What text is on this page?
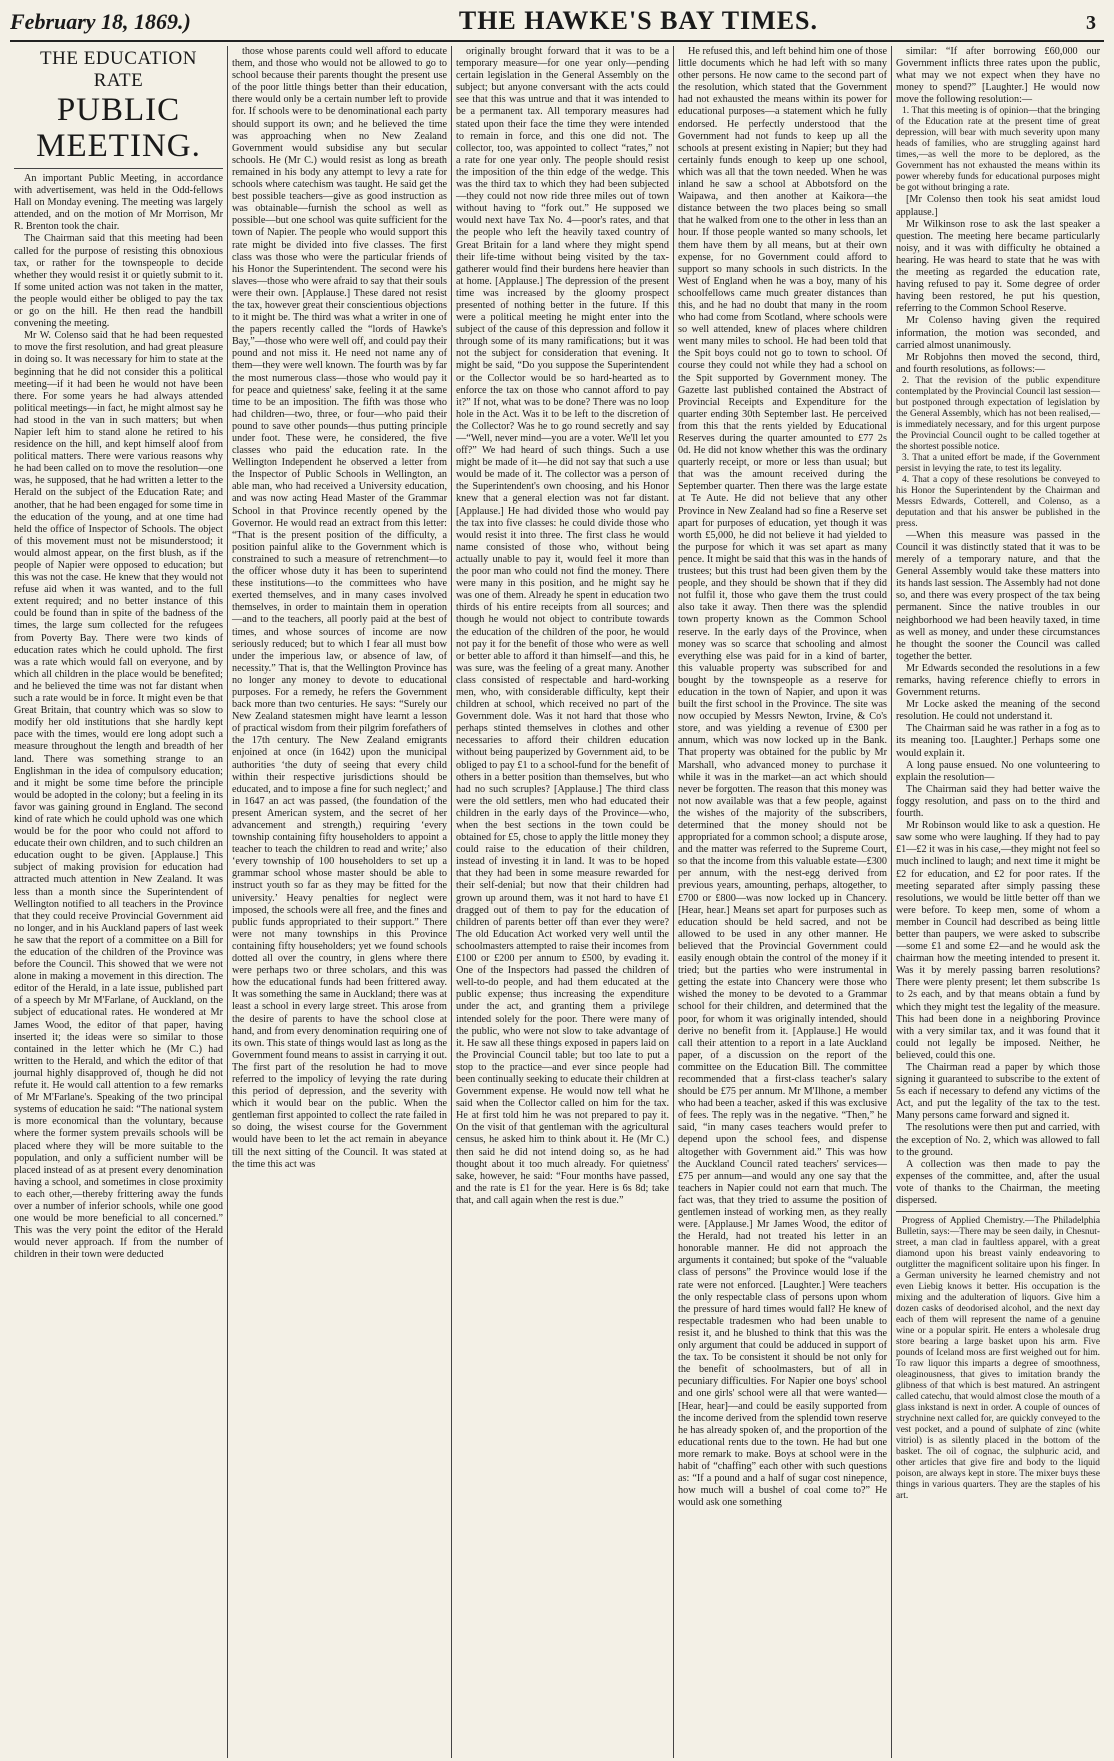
February 18, 1869.)	THE HAWKE'S BAY TIMES.	3
THE EDUCATION RATE
PUBLIC MEETING.

An important Public Meeting, in accordance with advertisement, was held in the Odd-fellows Hall on Monday evening. The meeting was largely attended, and on the motion of Mr Morrison, Mr R. Brenton took the chair.

The Chairman said that this meeting had been called for the purpose of resisting this obnoxious tax, or rather for the townspeople to decide whether they would resist it or quietly submit to it. If some united action was not taken in the matter, the people would either be obliged to pay the tax or go on the hill. He then read the handbill convening the meeting.

Mr W. Colenso said that he had been requested to move the first resolution, and had great pleasure in doing so. It was necessary for him to state at the beginning that he did not consider this a political meeting—if it had been he would not have been there. For some years he had always attended political meetings—in fact, he might almost say he had stood in the van in such matters; but when Napier left him to stand alone he retired to his residence on the hill, and kept himself aloof from political matters. There were various reasons why he had been called on to move the resolution—one was, he supposed, that he had written a letter to the Herald on the subject of the Education Rate; and another, that he had been engaged for some time in the education of the young, and at one time had held the office of Inspector of Schools. The object of this movement must not be misunderstood; it would almost appear, on the first blush, as if the people of Napier were opposed to education; but this was not the case. He knew that they would not refuse aid when it was wanted, and to the full extent required; and no better instance of this could be found than in spite of the badness of the times, the large sum collected for the refugees from Poverty Bay. There were two kinds of education rates which he could uphold. The first was a rate which would fall on everyone, and by which all children in the place would be benefited; and he believed the time was not far distant when such a rate would be in force. It might even be that Great Britain, that country which was so slow to modify her old institutions that she hardly kept pace with the times, would ere long adopt such a measure throughout the length and breadth of her land. There was something strange to an Englishman in the idea of compulsory education; and it might be some time before the principle would be adopted in the colony; but a feeling in its favor was gaining ground in England. The second kind of rate which he could uphold was one which would be for the poor who could not afford to educate their own children, and to such children an education ought to be given. [Applause.] This subject of making provision for education had attracted much attention in New Zealand. It was less than a month since the Superintendent of Wellington notified to all teachers in the Province that they could receive Provincial Government aid no longer, and in his Auckland papers of last week he saw that the report of a committee on a Bill for the education of the children of the Province was before the Council. This showed that we were not alone in making a movement in this direction. The editor of the Herald, in a late issue, published part of a speech by Mr M'Farlane, of Auckland, on the subject of educational rates. He wondered at Mr James Wood, the editor of that paper, having inserted it; the ideas were so similar to those contained in the letter which he (Mr C.) had written to the Herald, and which the editor of that journal highly disapproved of, though he did not refute it. He would call attention to a few remarks of Mr M'Farlane's. Speaking of the two principal systems of education he said: “The national system is more economical than the voluntary, because where the former system prevails schools will be placed where they will be more suitable to the population, and only a sufficient number will be placed instead of as at present every denomination having a school, and sometimes in close proximity to each other,—thereby frittering away the funds over a number of inferior schools, while one good one would be more beneficial to all concerned.” This was the very point the editor of the Herald would never approach. If from the number of children in their town were deducted

those whose parents could well afford to educate them, and those who would not be allowed to go to school because their parents thought the present use of the poor little things better than their education, there would only be a certain number left to provide for. If schools were to be denominational each party should support its own; and he believed the time was approaching when no New Zealand Government would subsidise any but secular schools. He (Mr C.) would resist as long as breath remained in his body any attempt to levy a rate for schools where catechism was taught. He said get the best possible teachers—give as good instruction as was obtainable—furnish the school as well as possible—but one school was quite sufficient for the town of Napier. The people who would support this rate might be divided into five classes. The first class was those who were the particular friends of his Honor the Superintendent. The second were his slaves—those who were afraid to say that their souls were their own. [Applause.] These dared not resist the tax, however great their conscientious objections to it might be. The third was what a writer in one of the papers recently called the “lords of Hawke's Bay,”—those who were well off, and could pay their pound and not miss it. He need not name any of them—they were well known. The fourth was by far the most numerous class—those who would pay it for peace and quietness' sake, feeling it at the same time to be an imposition. The fifth was those who had children—two, three, or four—who paid their pound to save other pounds—thus putting principle under foot. These were, he considered, the five classes who paid the education rate. In the Wellington Independent he observed a letter from the Inspector of Public Schools in Wellington, an able man, who had received a University education, and was now acting Head Master of the Grammar School in that Province recently opened by the Governor. He would read an extract from this letter: “That is the present position of the difficulty, a position painful alike to the Government which is constrained to such a measure of retrenchment—to the officer whose duty it has been to superintend these institutions—to the committees who have exerted themselves, and in many cases involved themselves, in order to maintain them in operation—and to the teachers, all poorly paid at the best of times, and whose sources of income are now seriously reduced; but to which I fear all must bow under the imperious law, or absence of law, of necessity.” That is, that the Wellington Province has no longer any money to devote to educational purposes. For a remedy, he refers the Government back more than two centuries. He says: “Surely our New Zealand statesmen might have learnt a lesson of practical wisdom from their pilgrim forefathers of the 17th century. The New Zealand emigrants enjoined at once (in 1642) upon the municipal authorities ‘the duty of seeing that every child within their respective jurisdictions should be educated, and to impose a fine for such neglect;’ and in 1647 an act was passed, (the foundation of the present American system, and the secret of her advancement and strength,) requiring ‘every township containing fifty householders to appoint a teacher to teach the children to read and write;’ also ‘every township of 100 householders to set up a grammar school whose master should be able to instruct youth so far as they may be fitted for the university.’ Heavy penalties for neglect were imposed, the schools were all free, and the fines and public funds appropriated to their support.” There were not many townships in this Province containing fifty householders; yet we found schools dotted all over the country, in glens where there were perhaps two or three scholars, and this was how the educational funds had been frittered away. It was something the same in Auckland; there was at least a school in every large street. This arose from the desire of parents to have the school close at hand, and from every denomination requiring one of its own. This state of things would last as long as the Government found means to assist in carrying it out. The first part of the resolution he had to move referred to the impolicy of levying the rate during this period of depression, and the severity with which it would bear on the public. When the gentleman first appointed to collect the rate failed in so doing, the wisest course for the Government would have been to let the act remain in abeyance till the next sitting of the Council. It was stated at the time this act was

originally brought forward that it was to be a temporary measure—for one year only—pending certain legislation in the General Assembly on the subject; but anyone conversant with the acts could see that this was untrue and that it was intended to be a permanent tax. All temporary measures had stated upon their face the time they were intended to remain in force, and this one did not. The collector, too, was appointed to collect “rates,” not a rate for one year only. The people should resist the imposition of the thin edge of the wedge. This was the third tax to which they had been subjected—they could not now ride three miles out of town without having to “fork out.” He supposed we would next have Tax No. 4—poor's rates, and that the people who left the heavily taxed country of Great Britain for a land where they might spend their life-time without being visited by the tax-gatherer would find their burdens here heavier than at home. [Applause.] The depression of the present time was increased by the gloomy prospect presented of nothing better in the future. If this were a political meeting he might enter into the subject of the cause of this depression and follow it through some of its many ramifications; but it was not the subject for consideration that evening. It might be said, “Do you suppose the Superintendent or the Collector would be so hard-hearted as to enforce the tax on those who cannot afford to pay it?” If not, what was to be done? There was no loop hole in the Act. Was it to be left to the discretion of the Collector? Was he to go round secretly and say—“Well, never mind—you are a voter. We'll let you off?” We had heard of such things. Such a use might be made of it—he did not say that such a use would be made of it. The collector was a person of the Superintendent's own choosing, and his Honor knew that a general election was not far distant. [Applause.] He had divided those who would pay the tax into five classes: he could divide those who would resist it into three. The first class he would name consisted of those who, without being actually unable to pay it, would feel it more than the poor man who could not find the money. There were many in this position, and he might say he was one of them. Already he spent in education two thirds of his entire receipts from all sources; and though he would not object to contribute towards the education of the children of the poor, he would not pay it for the benefit of those who were as well or better able to afford it than himself—and this, he was sure, was the feeling of a great many. Another class consisted of respectable and hard-working men, who, with considerable difficulty, kept their children at school, which received no part of the Government dole. Was it not hard that those who perhaps stinted themselves in clothes and other necessaries to afford their children education without being pauperized by Government aid, to be obliged to pay £1 to a school-fund for the benefit of others in a better position than themselves, but who had no such scruples? [Applause.] The third class were the old settlers, men who had educated their children in the early days of the Province—who, when the best sections in the town could be obtained for £5, chose to apply the little money they could raise to the education of their children, instead of investing it in land. It was to be hoped that they had been in some measure rewarded for their self-denial; but now that their children had grown up around them, was it not hard to have £1 dragged out of them to pay for the education of children of parents better off than ever they were? The old Education Act worked very well until the schoolmasters attempted to raise their incomes from £100 or £200 per annum to £500, by evading it. One of the Inspectors had passed the children of well-to-do people, and had them educated at the public expense; thus increasing the expenditure under the act, and granting them a privilege intended solely for the poor. There were many of the public, who were not slow to take advantage of it. He saw all these things exposed in papers laid on the Provincial Council table; but too late to put a stop to the practice—and ever since people had been continually seeking to educate their children at Government expense. He would now tell what he said when the Collector called on him for the tax. He at first told him he was not prepared to pay it. On the visit of that gentleman with the agricultural census, he asked him to think about it. He (Mr C.) then said he did not intend doing so, as he had thought about it too much already. For quietness' sake, however, he said: “Four months have passed, and the rate is £1 for the year. Here is 6s 8d; take that, and call again when the rest is due.”

He refused this, and left behind him one of those little documents which he had left with so many other persons. He now came to the second part of the resolution, which stated that the Government had not exhausted the means within its power for educational purposes—a statement which he fully endorsed. He perfectly understood that the Government had not funds to keep up all the schools at present existing in Napier; but they had certainly funds enough to keep up one school, which was all that the town needed. When he was inland he saw a school at Abbotsford on the Waipawa, and then another at Kaikora—the distance between the two places being so small that he walked from one to the other in less than an hour. If those people wanted so many schools, let them have them by all means, but at their own expense, for no Government could afford to support so many schools in such districts. In the West of England when he was a boy, many of his schoolfellows came much greater distances than this, and he had no doubt that many in the room who had come from Scotland, where schools were so well attended, knew of places where children went many miles to school. He had been told that the Spit boys could not go to town to school. Of course they could not while they had a school on the Spit supported by Government money. The Gazette last published contained the Abstract of Provincial Receipts and Expenditure for the quarter ending 30th September last. He perceived from this that the rents yielded by Educational Reserves during the quarter amounted to £77 2s 0d. He did not know whether this was the ordinary quarterly receipt, or more or less than usual; but that was the amount received during the September quarter. Then there was the large estate at Te Aute. He did not believe that any other Province in New Zealand had so fine a Reserve set apart for purposes of education, yet though it was worth £5,000, he did not believe it had yielded to the purpose for which it was set apart as many pence. It might be said that this was in the hands of trustees; but this trust had been given them by the people, and they should be shown that if they did not fulfil it, those who gave them the trust could also take it away. Then there was the splendid town property known as the Common School reserve. In the early days of the Province, when money was so scarce that schooling and almost everything else was paid for in a kind of barter, this valuable property was subscribed for and bought by the townspeople as a reserve for education in the town of Napier, and upon it was built the first school in the Province. The site was now occupied by Messrs Newton, Irvine, & Co's store, and was yielding a revenue of £300 per annum, which was now locked up in the Bank. That property was obtained for the public by Mr Marshall, who advanced money to purchase it while it was in the market—an act which should never be forgotten. The reason that this money was not now available was that a few people, against the wishes of the majority of the subscribers, determined that the money should not be appropriated for a common school; a dispute arose, and the matter was referred to the Supreme Court, so that the income from this valuable estate—£300 per annum, with the nest-egg derived from previous years, amounting, perhaps, altogether, to £700 or £800—was now locked up in Chancery. [Hear, hear.] Means set apart for purposes such as education should be held sacred, and not be allowed to be used in any other manner. He believed that the Provincial Government could easily enough obtain the control of the money if it tried; but the parties who were instrumental in getting the estate into Chancery were those who wished the money to be devoted to a Grammar school for their children, and determined that the poor, for whom it was originally intended, should derive no benefit from it. [Applause.] He would call their attention to a report in a late Auckland paper, of a discussion on the report of the committee on the Education Bill. The committee recommended that a first-class teacher's salary should be £75 per annum. Mr M'Ilhone, a member who had been a teacher, asked if this was exclusive of fees. The reply was in the negative. “Then,” he said, “in many cases teachers would prefer to depend upon the school fees, and dispense altogether with Government aid.” This was how the Auckland Council rated teachers' services—£75 per annum—and would any one say that the teachers in Napier could not earn that much. The fact was, that they tried to assume the position of gentlemen instead of working men, as they really were. [Applause.] Mr James Wood, the editor of the Herald, had not treated his letter in an honorable manner. He did not approach the arguments it contained; but spoke of the “valuable class of persons” the Province would lose if the rate were not enforced. [Laughter.] Were teachers the only respectable class of persons upon whom the pressure of hard times would fall? He knew of respectable tradesmen who had been unable to resist it, and he blushed to think that this was the only argument that could be adduced in support of the tax. To be consistent it should be not only for the benefit of schoolmasters, but of all in pecuniary difficulties. For Napier one boys' school and one girls' school were all that were wanted—[Hear, hear]—and could be easily supported from the income derived from the splendid town reserve he has already spoken of, and the proportion of the educational rents due to the town. He had but one more remark to make. Boys at school were in the habit of “chaffing” each other with such questions as: “If a pound and a half of sugar cost ninepence, how much will a bushel of coal come to?” He would ask one something

similar: “If after borrowing £60,000 our Government inflicts three rates upon the public, what may we not expect when they have no money to spend?” [Laughter.] He would now move the following resolution:—

1. That this meeting is of opinion—that the bringing of the Education rate at the present time of great depression, will bear with much severity upon many heads of families, who are struggling against hard times,—as well the more to be deplored, as the Government has not exhausted the means within its power whereby funds for educational purposes might be got without bringing a rate.

[Mr Colenso then took his seat amidst loud applause.]

Mr Wilkinson rose to ask the last speaker a question. The meeting here became particularly noisy, and it was with difficulty he obtained a hearing. He was heard to state that he was with the meeting as regarded the education rate, having refused to pay it. Some degree of order having been restored, he put his question, referring to the Common School Reserve.

Mr Colenso having given the required information, the motion was seconded, and carried almost unanimously.

Mr Robjohns then moved the second, third, and fourth resolutions, as follows:—

2. That the revision of the public expenditure contemplated by the Provincial Council last session—but postponed through expectation of legislation by the General Assembly, which has not been realised,—is immediately necessary, and for this urgent purpose the Provincial Council ought to be called together at the shortest possible notice.

3. That a united effort be made, if the Government persist in levying the rate, to test its legality.

4. That a copy of these resolutions be conveyed to his Honor the Superintendent by the Chairman and Messrs Edwards, Cotterell, and Colenso, as a deputation and that his answer be published in the press.

—When this measure was passed in the Council it was distinctly stated that it was to be merely of a temporary nature, and that the General Assembly would take these matters into its hands last session. The Assembly had not done so, and there was every prospect of the tax being permanent. Since the native troubles in our neighborhood we had been heavily taxed, in time as well as money, and under these circumstances he thought the sooner the Council was called together the better.

Mr Edwards seconded the resolutions in a few remarks, having reference chiefly to errors in Government returns.

Mr Locke asked the meaning of the second resolution. He could not understand it.

The Chairman said he was rather in a fog as to its meaning too. [Laughter.] Perhaps some one would explain it.

A long pause ensued. No one volunteering to explain the resolution—

The Chairman said they had better waive the foggy resolution, and pass on to the third and fourth.

Mr Robinson would like to ask a question. He saw some who were laughing. If they had to pay £1—£2 it was in his case,—they might not feel so much inclined to laugh; and next time it might be £2 for education, and £2 for poor rates. If the meeting separated after simply passing these resolutions, we would be little better off than we were before. To keep men, some of whom a member in Council had described as being little better than paupers, we were asked to subscribe—some £1 and some £2—and he would ask the chairman how the meeting intended to present it. Was it by merely passing barren resolutions? There were plenty present; let them subscribe 1s to 2s each, and by that means obtain a fund by which they might test the legality of the measure. This had been done in a neighboring Province with a very similar tax, and it was found that it could not legally be imposed. Neither, he believed, could this one.

The Chairman read a paper by which those signing it guaranteed to subscribe to the extent of 5s each if necessary to defend any victims of the Act, and put the legality of the tax to the test. Many persons came forward and signed it.

The resolutions were then put and carried, with the exception of No. 2, which was allowed to fall to the ground.

A collection was then made to pay the expenses of the committee, and, after the usual vote of thanks to the Chairman, the meeting dispersed.

Progress of Applied Chemistry.—The Philadelphia Bulletin, says:—There may be seen daily, in Chesnut-street, a man clad in faultless apparel, with a great diamond upon his breast vainly endeavoring to outglitter the magnificent solitaire upon his finger. In a German university he learned chemistry and not even Liebig knows it better. His occupation is the mixing and the adulteration of liquors. Give him a dozen casks of deodorised alcohol, and the next day each of them will represent the name of a genuine wine or a popular spirit. He enters a wholesale drug store bearing a large basket upon his arm. Five pounds of Iceland moss are first weighed out for him. To raw liquor this imparts a degree of smoothness, oleaginousness, that gives to imitation brandy the glibness of that which is best matured. An astringent called catechu, that would almost close the mouth of a glass inkstand is next in order. A couple of ounces of strychnine next called for, are quickly conveyed to the vest pocket, and a pound of sulphate of zinc (white vitriol) is as silently placed in the bottom of the basket. The oil of cognac, the sulphuric acid, and other articles that give fire and body to the liquid poison, are always kept in store. The mixer buys these things in various quarters. They are the staples of his art.
